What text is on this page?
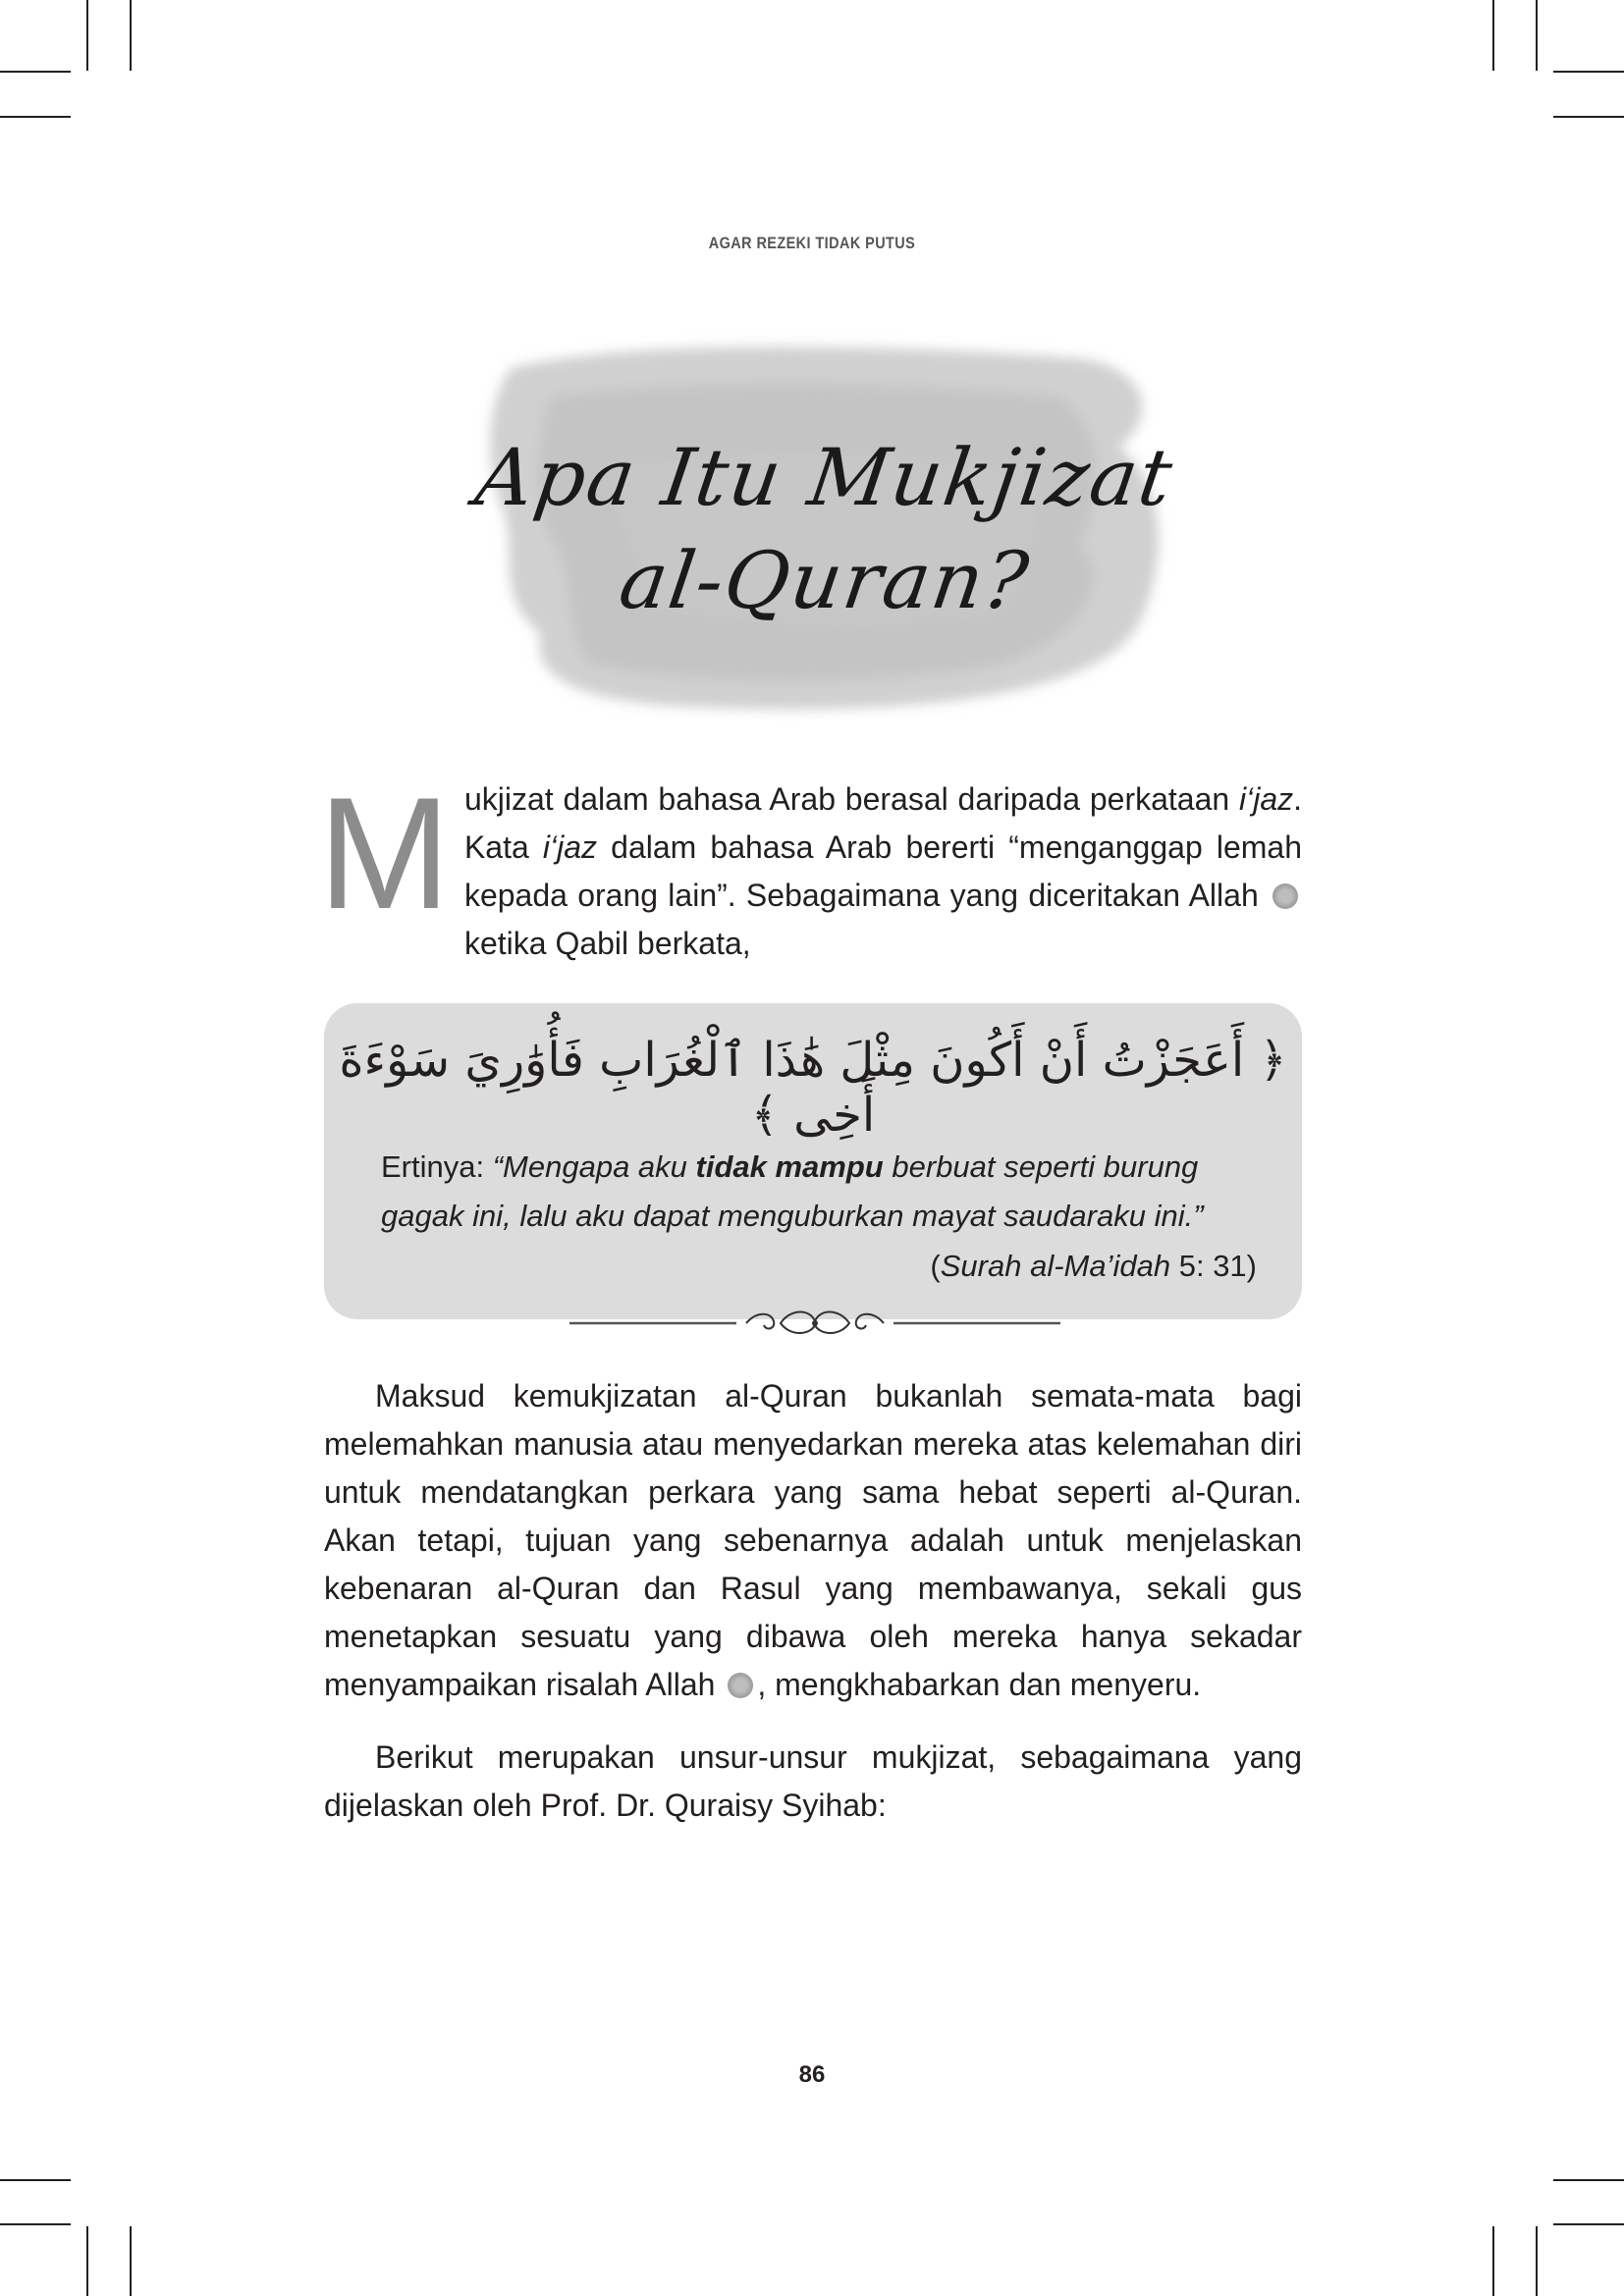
AGAR REZEKI TIDAK PUTUS
Apa Itu Mukjizat
al-Quran?
Mukjizat dalam bahasa Arab berasal daripada perkataan i‘jaz. Kata i‘jaz dalam bahasa Arab bererti “menganggap lemah kepada orang lain”. Sebagaimana yang diceritakan Allah  ketika Qabil berkata,
﴿ أَعَجَزْتُ أَنْ أَكُونَ مِثْلَ هَٰذَا ٱلْغُرَابِ فَأُوَٰرِيَ سَوْءَةَ أَخِى ﴾
Ertinya: “Mengapa aku tidak mampu berbuat seperti burung gagak ini, lalu aku dapat menguburkan mayat saudaraku ini.”
(Surah al-Ma’idah 5: 31)
Maksud kemukjizatan al-Quran bukanlah semata-mata bagi melemahkan manusia atau menyedarkan mereka atas kelemahan diri untuk mendatangkan perkara yang sama hebat seperti al-Quran. Akan tetapi, tujuan yang sebenarnya adalah untuk menjelaskan kebenaran al-Quran dan Rasul yang membawanya, sekali gus menetapkan sesuatu yang dibawa oleh mereka hanya sekadar menyampaikan risalah Allah , mengkhabarkan dan menyeru.
Berikut merupakan unsur-unsur mukjizat, sebagaimana yang dijelaskan oleh Prof. Dr. Quraisy Syihab:
86
